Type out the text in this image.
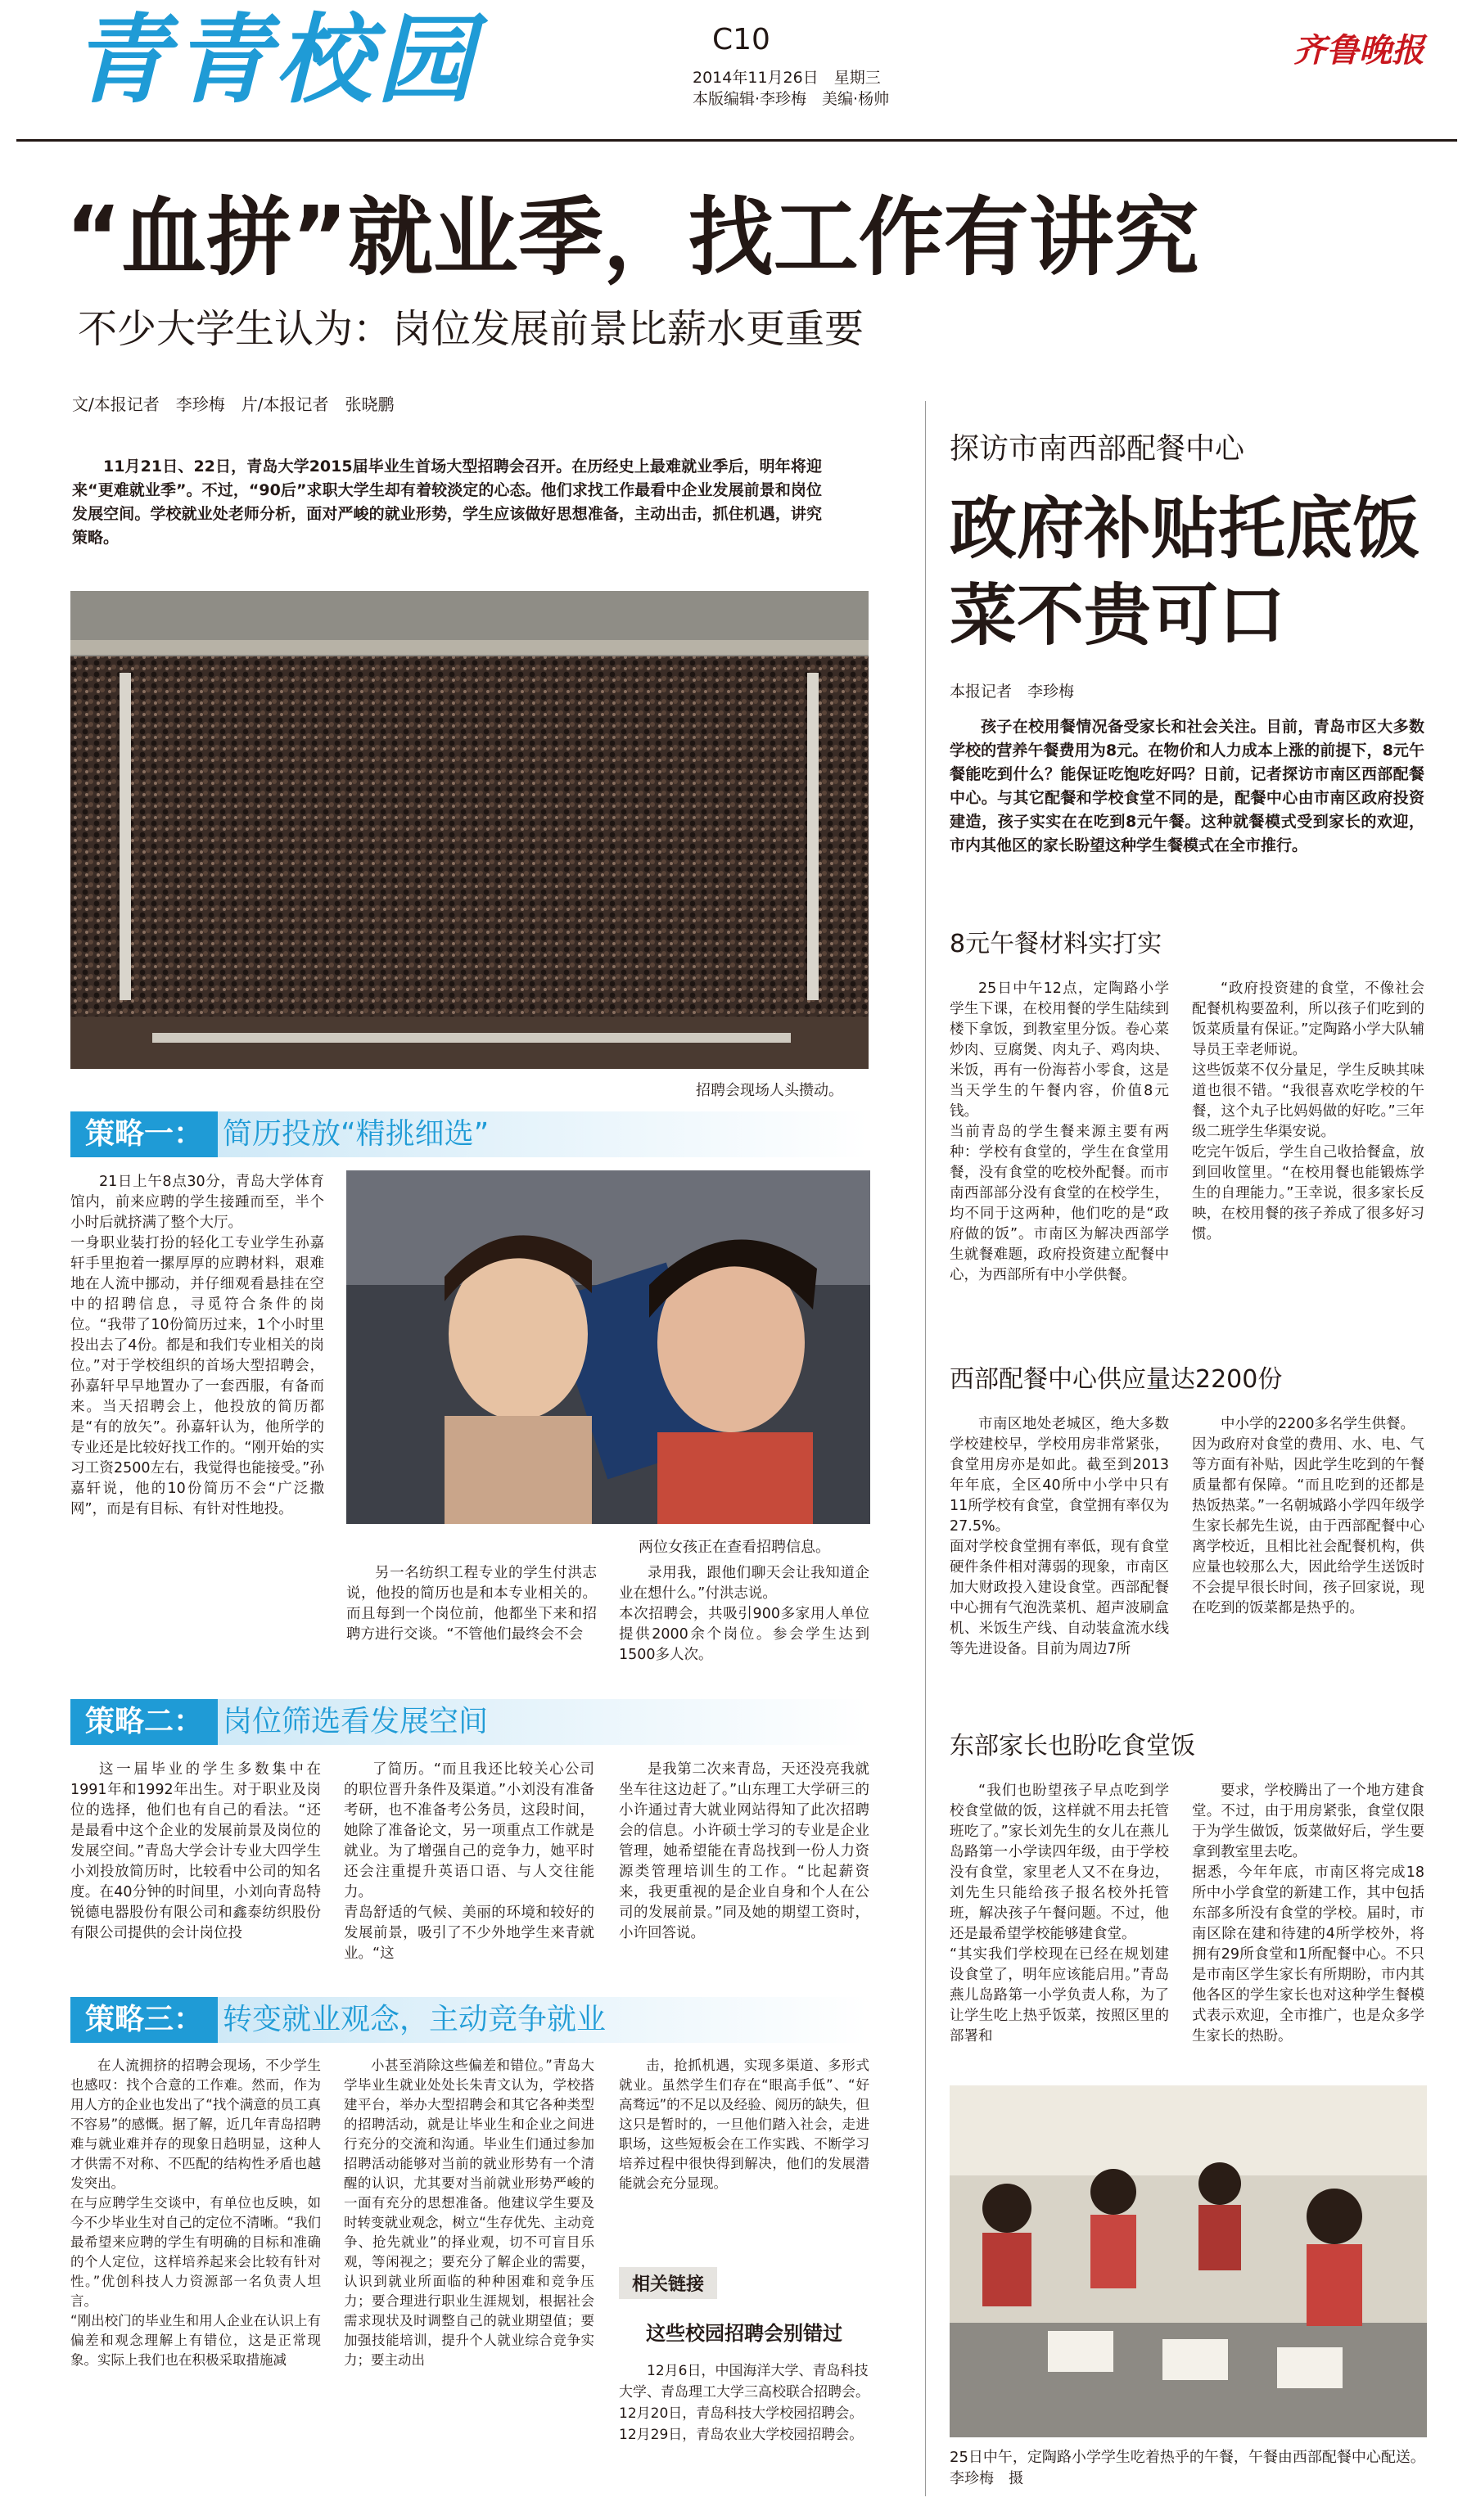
青青校园	C10
2014年11月26日　星期三
本版编辑·李珍梅　美编·杨帅
齐鲁晚报
“血拼”就业季，找工作有讲究
不少大学生认为：岗位发展前景比薪水更重要
文/本报记者　李珍梅　片/本报记者　张晓鹏
11月21日、22日，青岛大学2015届毕业生首场大型招聘会召开。在历经史上最难就业季后，明年将迎来“更难就业季”。不过，“90后”求职大学生却有着较淡定的心态。他们求找工作最看中企业发展前景和岗位发展空间。学校就业处老师分析，面对严峻的就业形势，学生应该做好思想准备，主动出击，抓住机遇，讲究策略。
招聘会现场人头攒动。
策略一： 简历投放“精挑细选”
21日上午8点30分，青岛大学体育馆内，前来应聘的学生接踵而至，半个小时后就挤满了整个大厅。
一身职业装打扮的轻化工专业学生孙嘉轩手里抱着一摞厚厚的应聘材料，艰难地在人流中挪动，并仔细观看悬挂在空中的招聘信息，寻觅符合条件的岗位。“我带了10份简历过来，1个小时里投出去了4份。都是和我们专业相关的岗位。”对于学校组织的首场大型招聘会，孙嘉轩早早地置办了一套西服，有备而来。当天招聘会上，他投放的简历都是“有的放矢”。孙嘉轩认为，他所学的专业还是比较好找工作的。“刚开始的实习工资2500左右，我觉得也能接受。”孙嘉轩说，他的10份简历不会“广泛撒网”，而是有目标、有针对性地投。
两位女孩正在查看招聘信息。
另一名纺织工程专业的学生付洪志说，他投的简历也是和本专业相关的。而且每到一个岗位前，他都坐下来和招聘方进行交谈。“不管他们最终会不会
录用我，跟他们聊天会让我知道企业在想什么。”付洪志说。
本次招聘会，共吸引900多家用人单位提供2000余个岗位。参会学生达到1500多人次。
策略二： 岗位筛选看发展空间
这一届毕业的学生多数集中在1991年和1992年出生。对于职业及岗位的选择，他们也有自己的看法。“还是最看中这个企业的发展前景及岗位的发展空间。”青岛大学会计专业大四学生小刘投放简历时，比较看中公司的知名度。在40分钟的时间里，小刘向青岛特锐德电器股份有限公司和鑫泰纺织股份有限公司提供的会计岗位投
了简历。“而且我还比较关心公司的职位晋升条件及渠道。”小刘没有准备考研，也不准备考公务员，这段时间，她除了准备论文，另一项重点工作就是就业。为了增强自己的竞争力，她平时还会注重提升英语口语、与人交往能力。
青岛舒适的气候、美丽的环境和较好的发展前景，吸引了不少外地学生来青就业。“这
是我第二次来青岛，天还没亮我就坐车往这边赶了。”山东理工大学研三的小许通过青大就业网站得知了此次招聘会的信息。小许硕士学习的专业是企业管理，她希望能在青岛找到一份人力资源类管理培训生的工作。“比起薪资来，我更重视的是企业自身和个人在公司的发展前景。”同及她的期望工资时，小许回答说。
策略三： 转变就业观念，主动竞争就业
在人流拥挤的招聘会现场，不少学生也感叹：找个合意的工作难。然而，作为用人方的企业也发出了“找个满意的员工真不容易”的感慨。据了解，近几年青岛招聘难与就业难并存的现象日趋明显，这种人才供需不对称、不匹配的结构性矛盾也越发突出。
在与应聘学生交谈中，有单位也反映，如今不少毕业生对自己的定位不清晰。“我们最希望来应聘的学生有明确的目标和准确的个人定位，这样培养起来会比较有针对性。”优创科技人力资源部一名负责人坦言。
“刚出校门的毕业生和用人企业在认识上有偏差和观念理解上有错位，这是正常现象。实际上我们也在积极采取措施减
小甚至消除这些偏差和错位。”青岛大学毕业生就业处处长朱青文认为，学校搭建平台，举办大型招聘会和其它各种类型的招聘活动，就是让毕业生和企业之间进行充分的交流和沟通。毕业生们通过参加招聘活动能够对当前的就业形势有一个清醒的认识，尤其要对当前就业形势严峻的一面有充分的思想准备。他建议学生要及时转变就业观念，树立“生存优先、主动竞争、抢先就业”的择业观，切不可盲目乐观，等闲视之；要充分了解企业的需要，认识到就业所面临的种种困难和竞争压力；要合理进行职业生涯规划，根据社会需求现状及时调整自己的就业期望值；要加强技能培训，提升个人就业综合竞争实力；要主动出
击，抢抓机遇，实现多渠道、多形式就业。虽然学生们存在“眼高手低”、“好高骛远”的不足以及经验、阅历的缺失，但这只是暂时的，一旦他们踏入社会，走进职场，这些短板会在工作实践、不断学习培养过程中很快得到解决，他们的发展潜能就会充分显现。
相关链接
这些校园招聘会别错过
12月6日，中国海洋大学、青岛科技大学、青岛理工大学三高校联合招聘会。
12月20日，青岛科技大学校园招聘会。
12月29日，青岛农业大学校园招聘会。
探访市南西部配餐中心
政府补贴托底饭菜不贵可口
本报记者　李珍梅
孩子在校用餐情况备受家长和社会关注。目前，青岛市区大多数学校的营养午餐费用为8元。在物价和人力成本上涨的前提下，8元午餐能吃到什么？能保证吃饱吃好吗？日前，记者探访市南区西部配餐中心。与其它配餐和学校食堂不同的是，配餐中心由市南区政府投资建造，孩子实实在在吃到8元午餐。这种就餐模式受到家长的欢迎，市内其他区的家长盼望这种学生餐模式在全市推行。
8元午餐材料实打实
25日中午12点，定陶路小学学生下课，在校用餐的学生陆续到楼下拿饭，到教室里分饭。卷心菜炒肉、豆腐煲、肉丸子、鸡肉块、米饭，再有一份海苔小零食，这是当天学生的午餐内容，价值8元钱。
当前青岛的学生餐来源主要有两种：学校有食堂的，学生在食堂用餐，没有食堂的吃校外配餐。而市南西部部分没有食堂的在校学生，均不同于这两种，他们吃的是“政府做的饭”。市南区为解决西部学生就餐难题，政府投资建立配餐中心，为西部所有中小学供餐。
“政府投资建的食堂，不像社会配餐机构要盈利，所以孩子们吃到的饭菜质量有保证。”定陶路小学大队辅导员王幸老师说。
这些饭菜不仅分量足，学生反映其味道也很不错。“我很喜欢吃学校的午餐，这个丸子比妈妈做的好吃。”三年级二班学生华渠安说。
吃完午饭后，学生自己收拾餐盒，放到回收筐里。“在校用餐也能锻炼学生的自理能力。”王幸说，很多家长反映，在校用餐的孩子养成了很多好习惯。
西部配餐中心供应量达2200份
市南区地处老城区，绝大多数学校建校早，学校用房非常紧张，食堂用房亦是如此。截至到2013年年底，全区40所中小学中只有11所学校有食堂，食堂拥有率仅为27.5%。
面对学校食堂拥有率低，现有食堂硬件条件相对薄弱的现象，市南区加大财政投入建设食堂。西部配餐中心拥有气泡洗菜机、超声波刷盒机、米饭生产线、自动装盒流水线等先进设备。目前为周边7所
中小学的2200多名学生供餐。
因为政府对食堂的费用、水、电、气等方面有补贴，因此学生吃到的午餐质量都有保障。“而且吃到的还都是热饭热菜。”一名朝城路小学四年级学生家长郝先生说，由于西部配餐中心离学校近，且相比社会配餐机构，供应量也较那么大，因此给学生送饭时不会提早很长时间，孩子回家说，现在吃到的饭菜都是热乎的。
东部家长也盼吃食堂饭
“我们也盼望孩子早点吃到学校食堂做的饭，这样就不用去托管班吃了。”家长刘先生的女儿在燕儿岛路第一小学读四年级，由于学校没有食堂，家里老人又不在身边，刘先生只能给孩子报名校外托管班，解决孩子午餐问题。不过，他还是最希望学校能够建食堂。
“其实我们学校现在已经在规划建设食堂了，明年应该能启用。”青岛燕儿岛路第一小学负责人称，为了让学生吃上热乎饭菜，按照区里的部署和
要求，学校腾出了一个地方建食堂。不过，由于用房紧张，食堂仅限于为学生做饭，饭菜做好后，学生要拿到教室里去吃。
据悉，今年年底，市南区将完成18所中小学食堂的新建工作，其中包括东部多所没有食堂的学校。届时，市南区除在建和待建的4所学校外，将拥有29所食堂和1所配餐中心。不只是市南区学生家长有所期盼，市内其他各区的学生家长也对这种学生餐模式表示欢迎，全市推广，也是众多学生家长的热盼。
25日中午，定陶路小学学生吃着热乎的午餐，午餐由西部配餐中心配送。　李珍梅　摄
